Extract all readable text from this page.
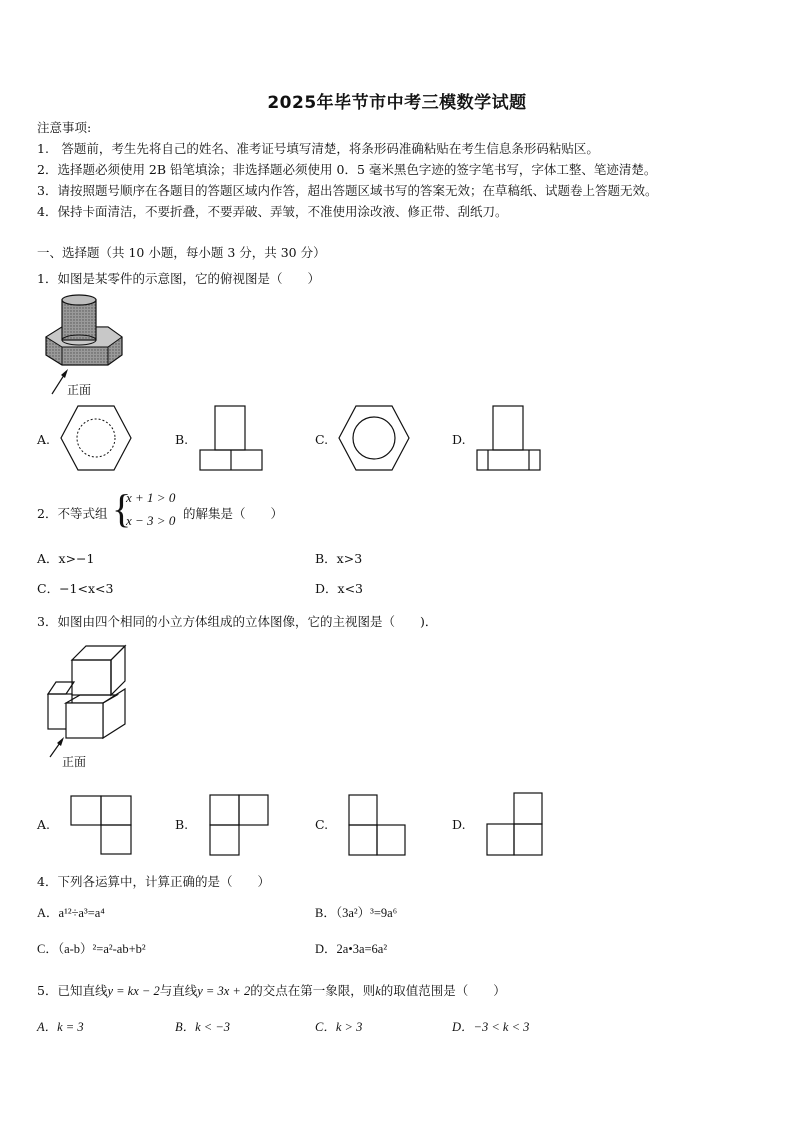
2025年毕节市中考三模数学试题
注意事项:
1.　答题前，考生先将自己的姓名、准考证号填写清楚，将条形码准确粘贴在考生信息条形码粘贴区。
2．选择题必须使用 2B 铅笔填涂；非选择题必须使用 0．5 毫米黑色字迹的签字笔书写，字体工整、笔迹清楚。
3．请按照题号顺序在各题目的答题区域内作答，超出答题区域书写的答案无效；在草稿纸、试题卷上答题无效。
4．保持卡面清洁，不要折叠，不要弄破、弄皱，不准使用涂改液、修正带、刮纸刀。
一、选择题（共 10 小题，每小题 3 分，共 30 分）
1．如图是某零件的示意图，它的俯视图是（　　）
正面
A.	B.	C.	D.
2．不等式组 {
x + 1 > 0
x − 3 > 0 的解集是（　　）
A．x>−1	B．x>3
C．−1<x<3	D．x<3
3．如图由四个相同的小立方体组成的立体图像，它的主视图是（　　)．
正面
A.	B.	C.	D.
4．下列各运算中，计算正确的是（　　）
A．a¹²÷a³=a⁴	B．（3a²）³=9a⁶
C．（a-b）²=a²-ab+b²	D．2a•3a=6a²
5．已知直线y = kx − 2与直线y = 3x + 2的交点在第一象限，则k的取值范围是（　　）
A．k = 3	B．k < −3	C．k > 3	D．−3 < k < 3
